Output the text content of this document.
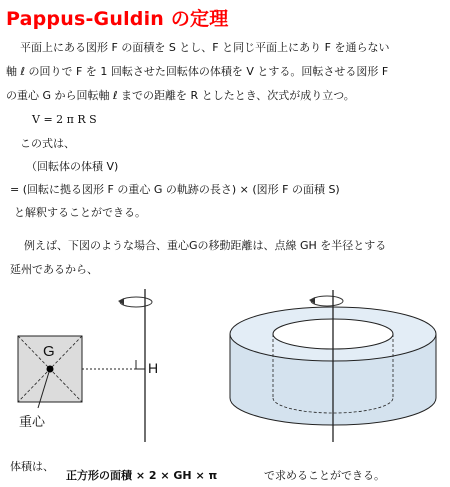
Pappus-Guldin の定理
平面上にある図形 F の面積を S とし、F と同じ平面上にあり F を通らない
軸 ℓ の回りで F を 1 回転させた回転体の体積を V とする。回転させる図形 F
の重心 G から回転軸 ℓ までの距離を R としたとき、次式が成り立つ。
V = 2 π R S
この式は、
（回転体の体積 V)
= (回転に拠る図形 F の重心 G の軌跡の長さ) × (図形 F の面積 S)
と解釈することができる。
例えば、下図のような場合、重心Gの移動距離は、点線 GH を半径とする
延州であるから、
G
H
重心
体積は、
正方形の面積 × 2 × GH × π	で求めることができる。
